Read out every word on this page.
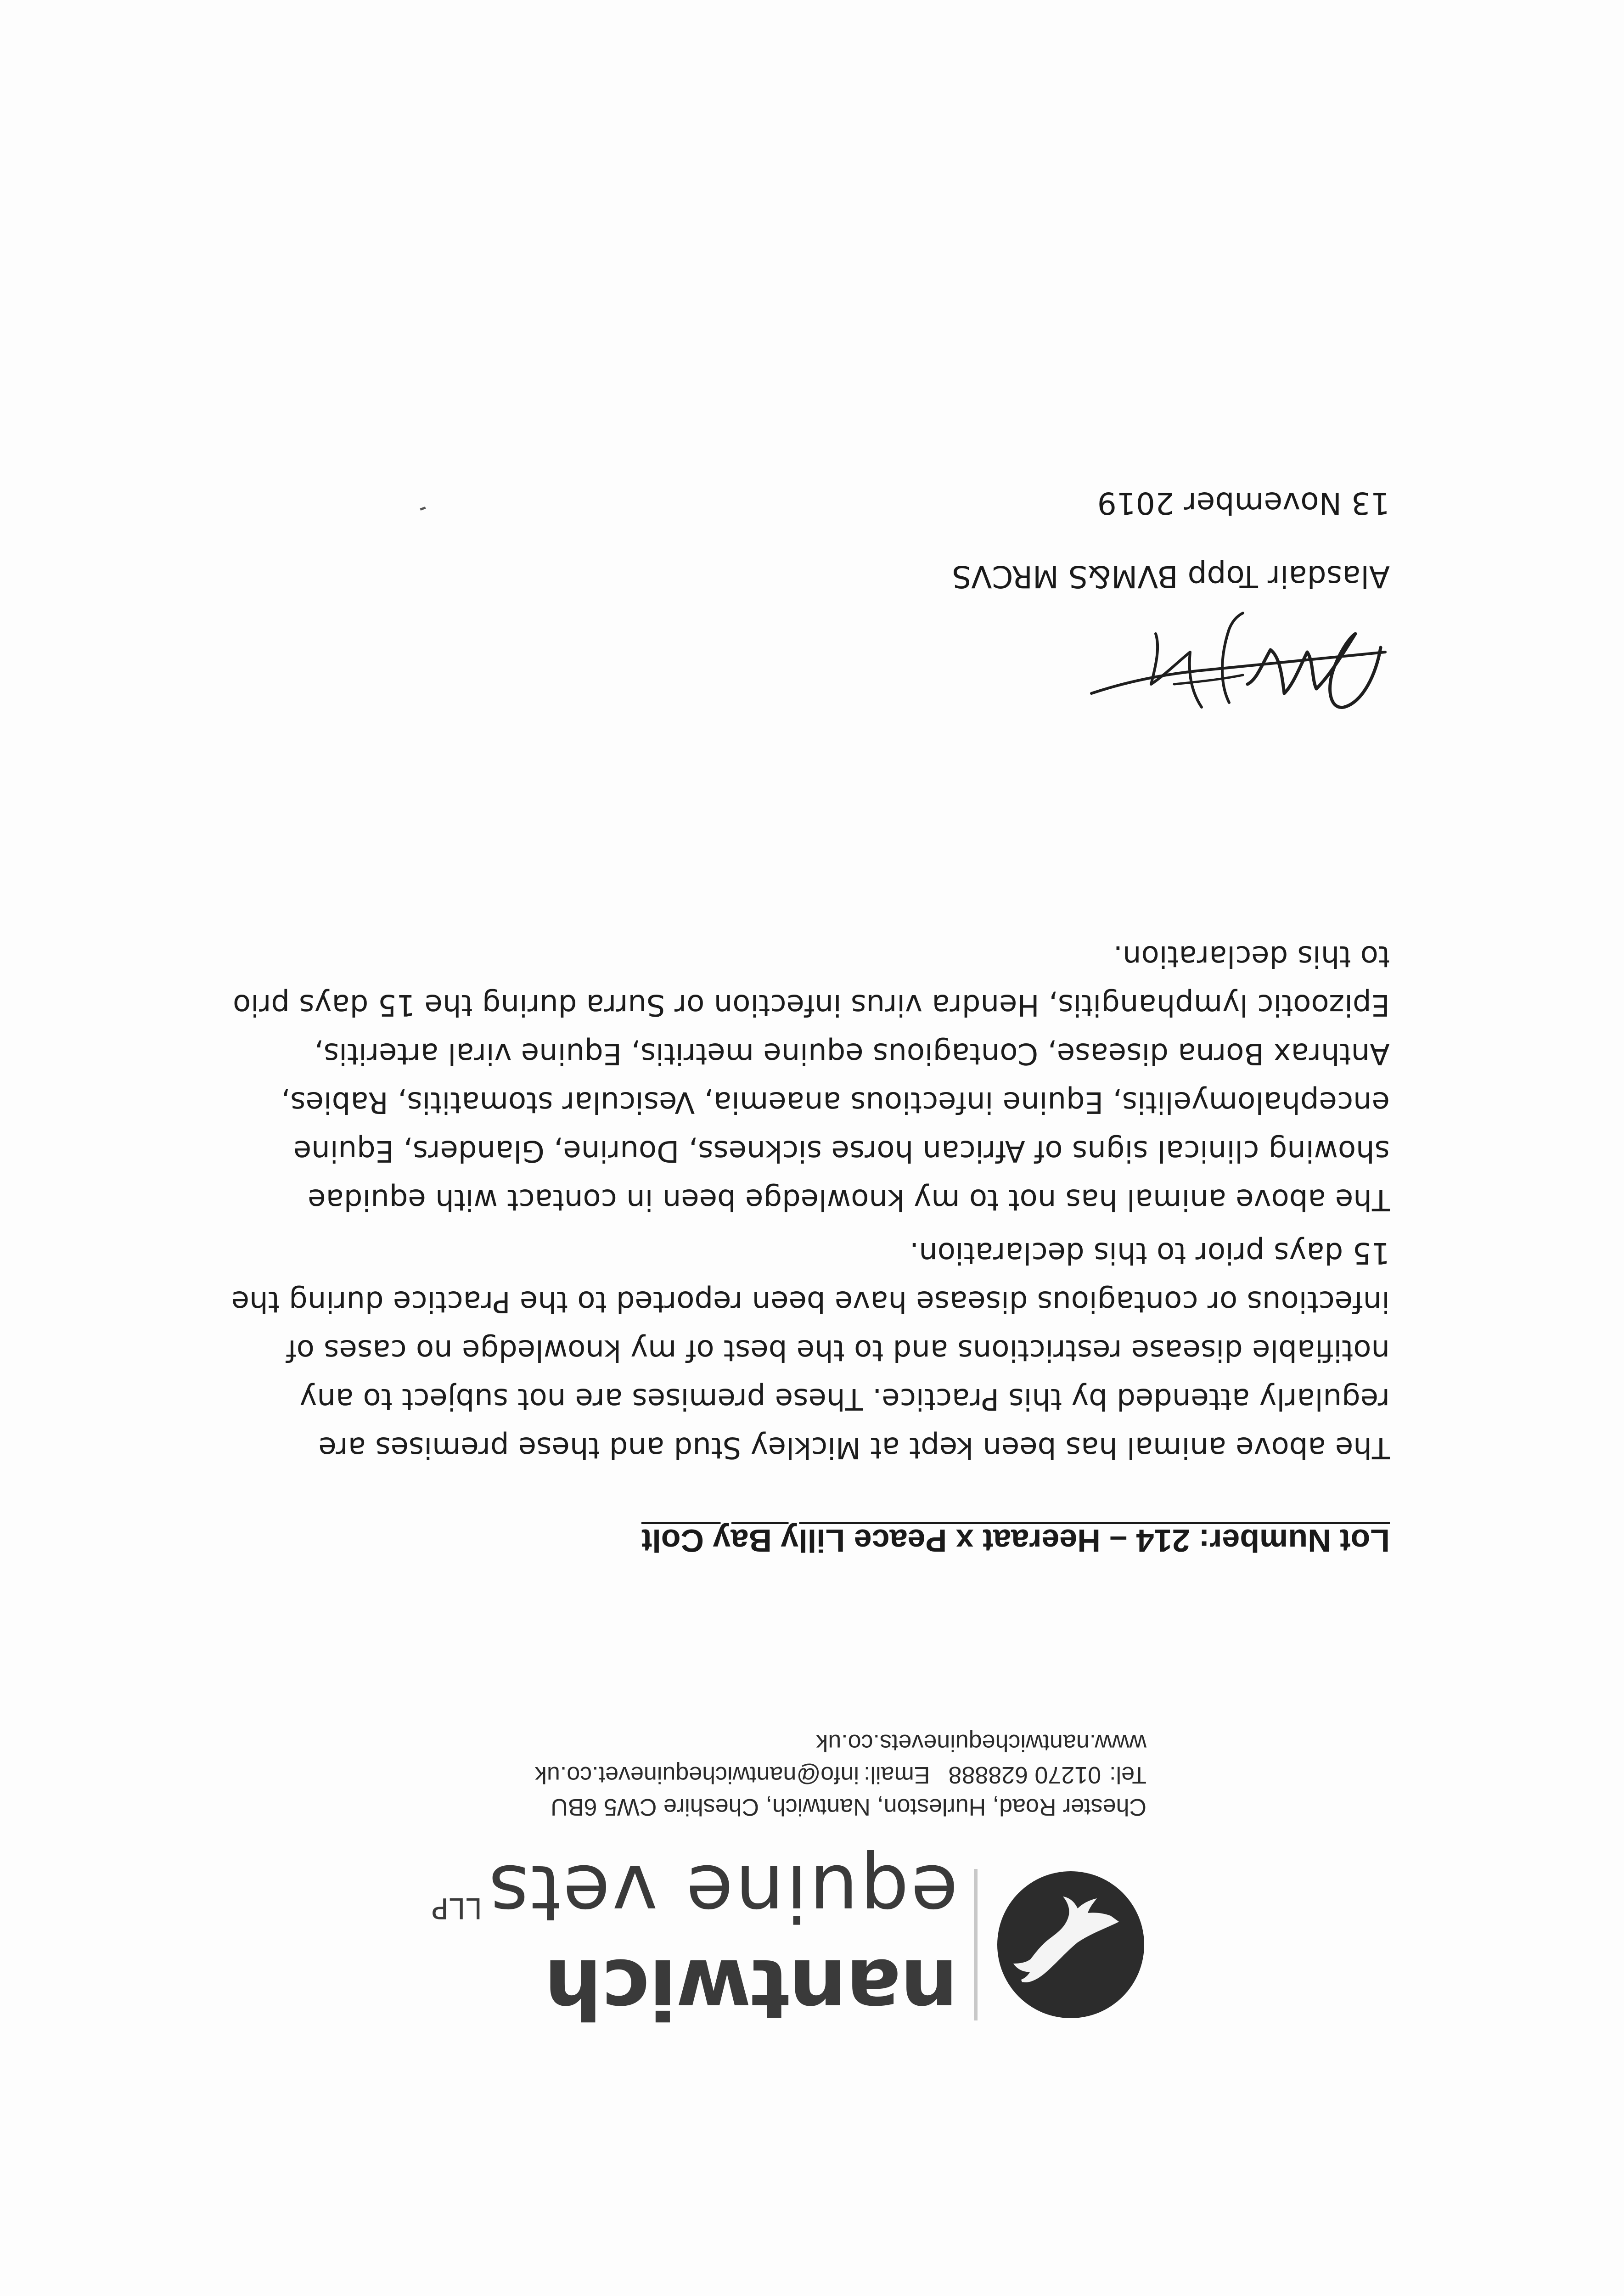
nantwich
equine vets$^{LLP}$
Chester Road, Hurleston, Nantwich, Cheshire CW5 6BU
Tel:01270 628888Email:info@nantwichequinevet.co.uk
www.nantwichequinevets.co.uk
Lot Number: 214 – Heeraat x Peace Lilly Bay Colt
The above animal has been kept at Mickley Stud and these premises are
regularly attended by this Practice. These premises are not subject to any
notifiable disease restrictions and to the best of my knowledge no cases of
infectious or contagious disease have been reported to the Practice during the
15 days prior to this declaration.
The above animal has not to my knowledge been in contact with equidae
showing clinical signs of African horse sickness, Dourine, Glanders, Equine
encephalomyelitis, Equine infectious anaemia, Vesicular stomatitis, Rabies,
Anthrax Borna disease, Contagious equine metritis, Equine viral arteritis,
Epizootic lymphangitis, Hendra virus infection or Surra during the 15 days prio
to this declaration.
Alasdair Topp BVM&S MRCVS
13 November 2019
